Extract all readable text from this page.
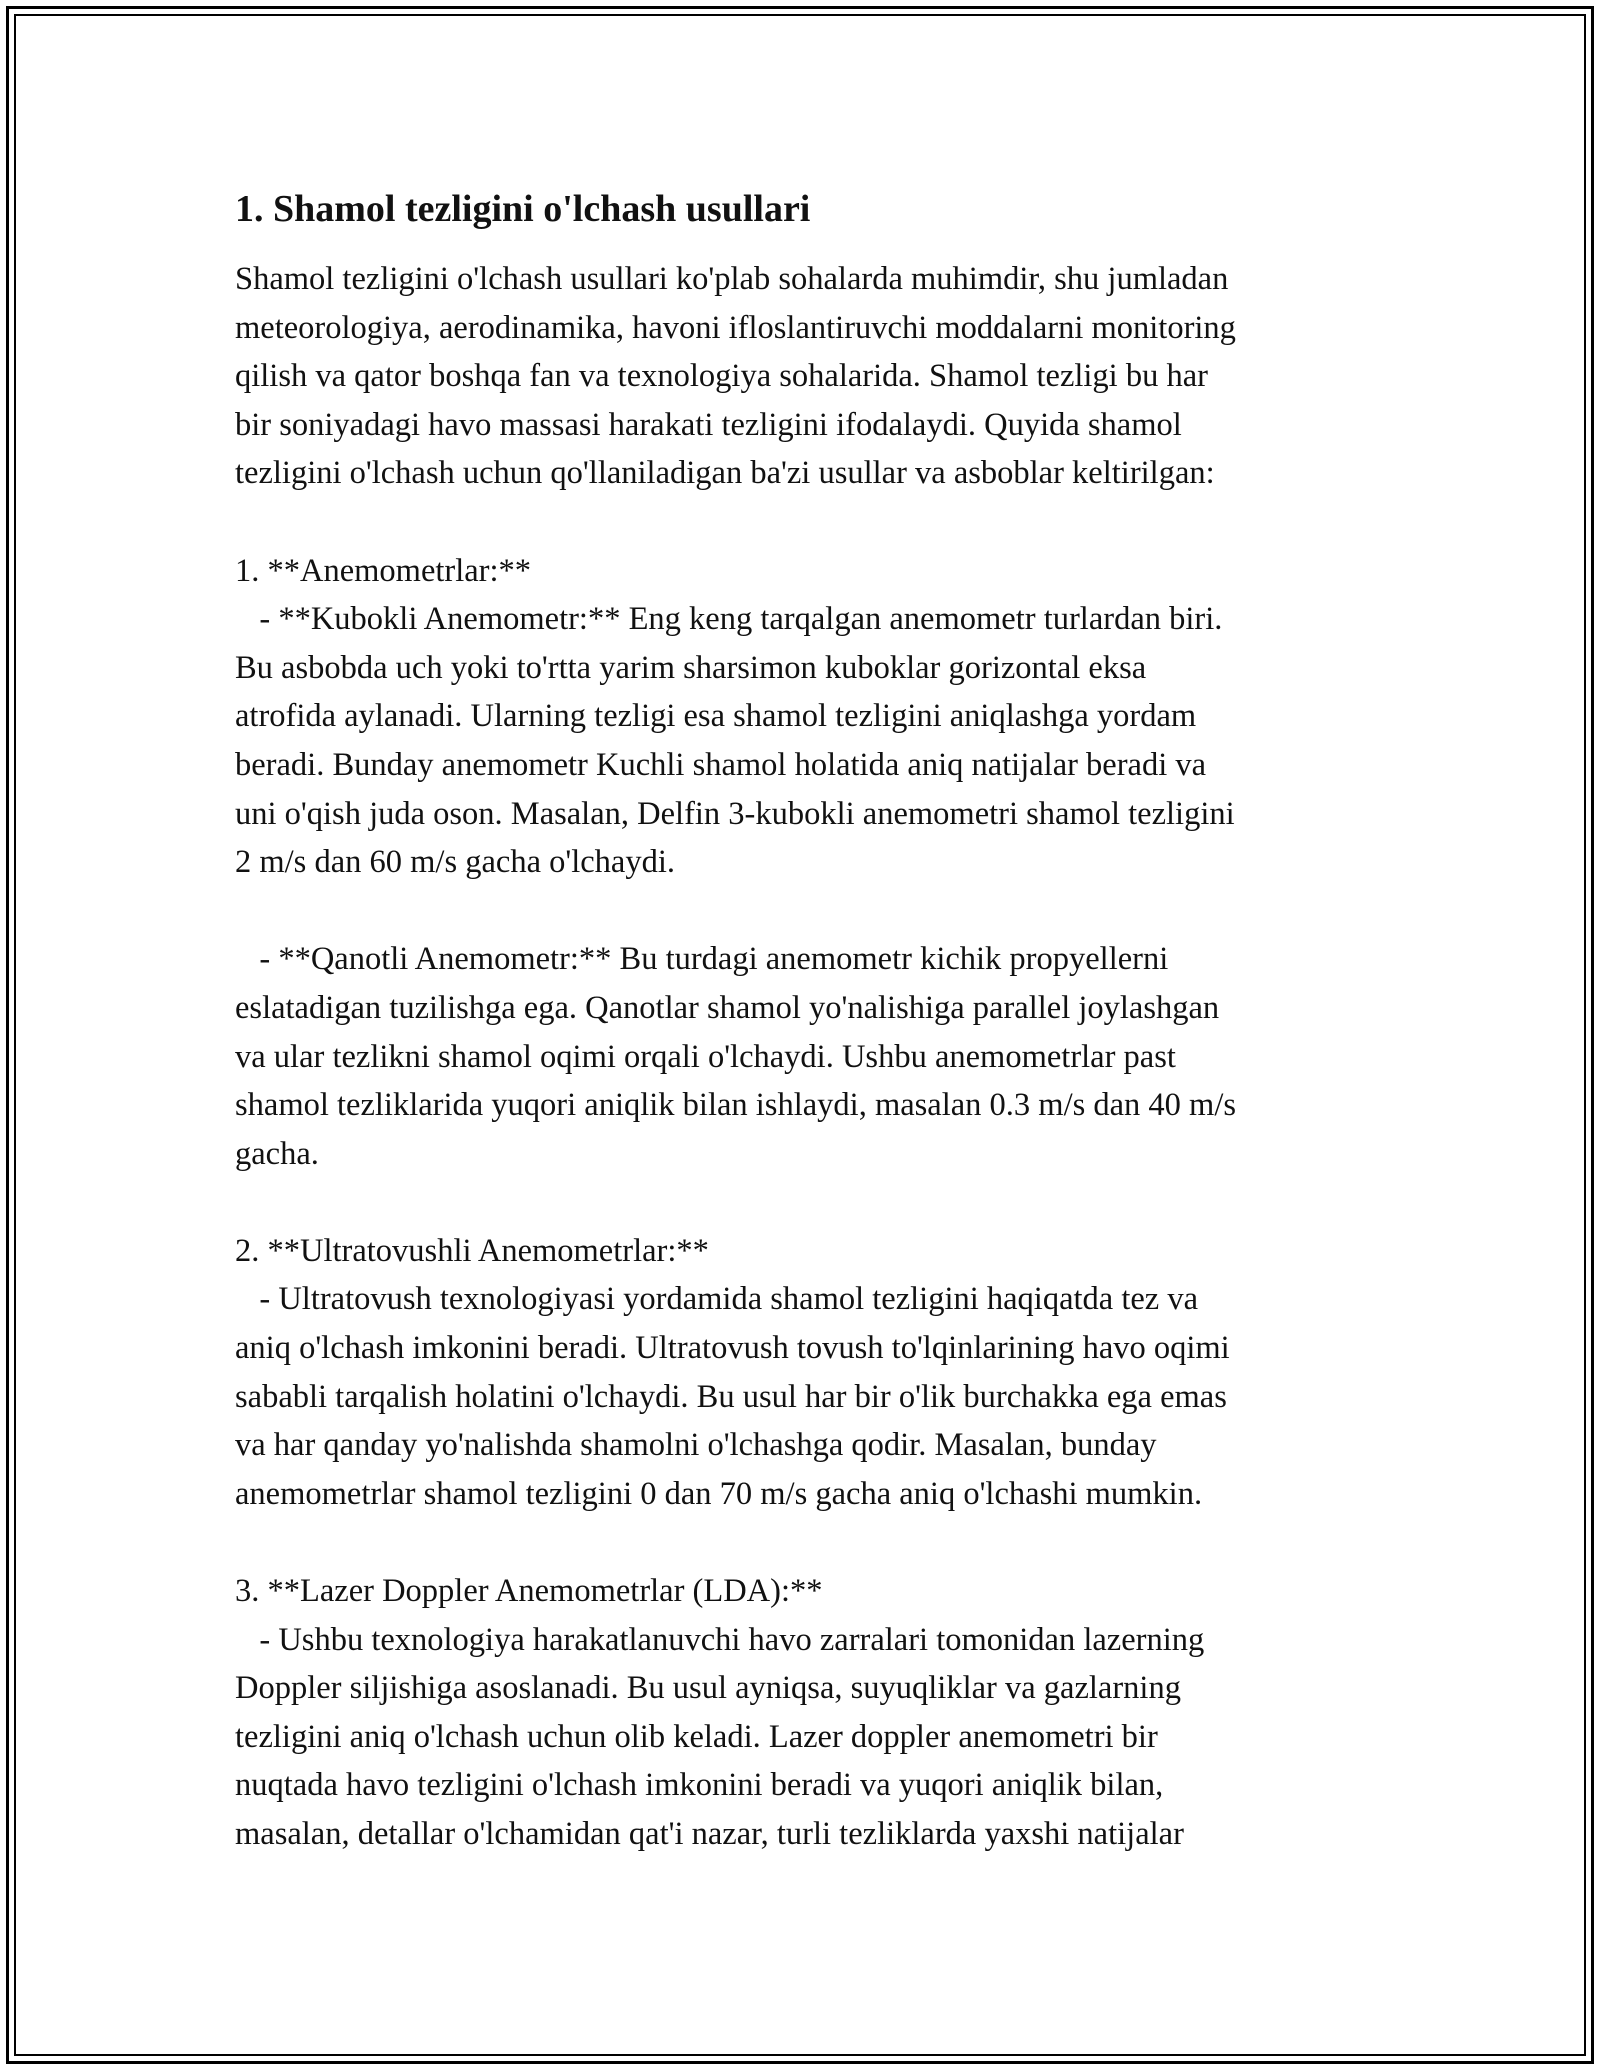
1. Shamol tezligini o'lchash usullari
Shamol tezligini o'lchash usullari ko'plab sohalarda muhimdir, shu jumladan
meteorologiya, aerodinamika, havoni ifloslantiruvchi moddalarni monitoring
qilish va qator boshqa fan va texnologiya sohalarida. Shamol tezligi bu har
bir soniyadagi havo massasi harakati tezligini ifodalaydi. Quyida shamol
tezligini o'lchash uchun qo'llaniladigan ba'zi usullar va asboblar keltirilgan:
1. **Anemometrlar:**
- **Kubokli Anemometr:** Eng keng tarqalgan anemometr turlardan biri.
Bu asbobda uch yoki to'rtta yarim sharsimon kuboklar gorizontal eksa
atrofida aylanadi. Ularning tezligi esa shamol tezligini aniqlashga yordam
beradi. Bunday anemometr Kuchli shamol holatida aniq natijalar beradi va
uni o'qish juda oson. Masalan, Delfin 3-kubokli anemometri shamol tezligini
2 m/s dan 60 m/s gacha o'lchaydi.
- **Qanotli Anemometr:** Bu turdagi anemometr kichik propyellerni
eslatadigan tuzilishga ega. Qanotlar shamol yo'nalishiga parallel joylashgan
va ular tezlikni shamol oqimi orqali o'lchaydi. Ushbu anemometrlar past
shamol tezliklarida yuqori aniqlik bilan ishlaydi, masalan 0.3 m/s dan 40 m/s
gacha.
2. **Ultratovushli Anemometrlar:**
- Ultratovush texnologiyasi yordamida shamol tezligini haqiqatda tez va
aniq o'lchash imkonini beradi. Ultratovush tovush to'lqinlarining havo oqimi
sababli tarqalish holatini o'lchaydi. Bu usul har bir o'lik burchakka ega emas
va har qanday yo'nalishda shamolni o'lchashga qodir. Masalan, bunday
anemometrlar shamol tezligini 0 dan 70 m/s gacha aniq o'lchashi mumkin.
3. **Lazer Doppler Anemometrlar (LDA):**
- Ushbu texnologiya harakatlanuvchi havo zarralari tomonidan lazerning
Doppler siljishiga asoslanadi. Bu usul ayniqsa, suyuqliklar va gazlarning
tezligini aniq o'lchash uchun olib keladi. Lazer doppler anemometri bir
nuqtada havo tezligini o'lchash imkonini beradi va yuqori aniqlik bilan,
masalan, detallar o'lchamidan qat'i nazar, turli tezliklarda yaxshi natijalar
